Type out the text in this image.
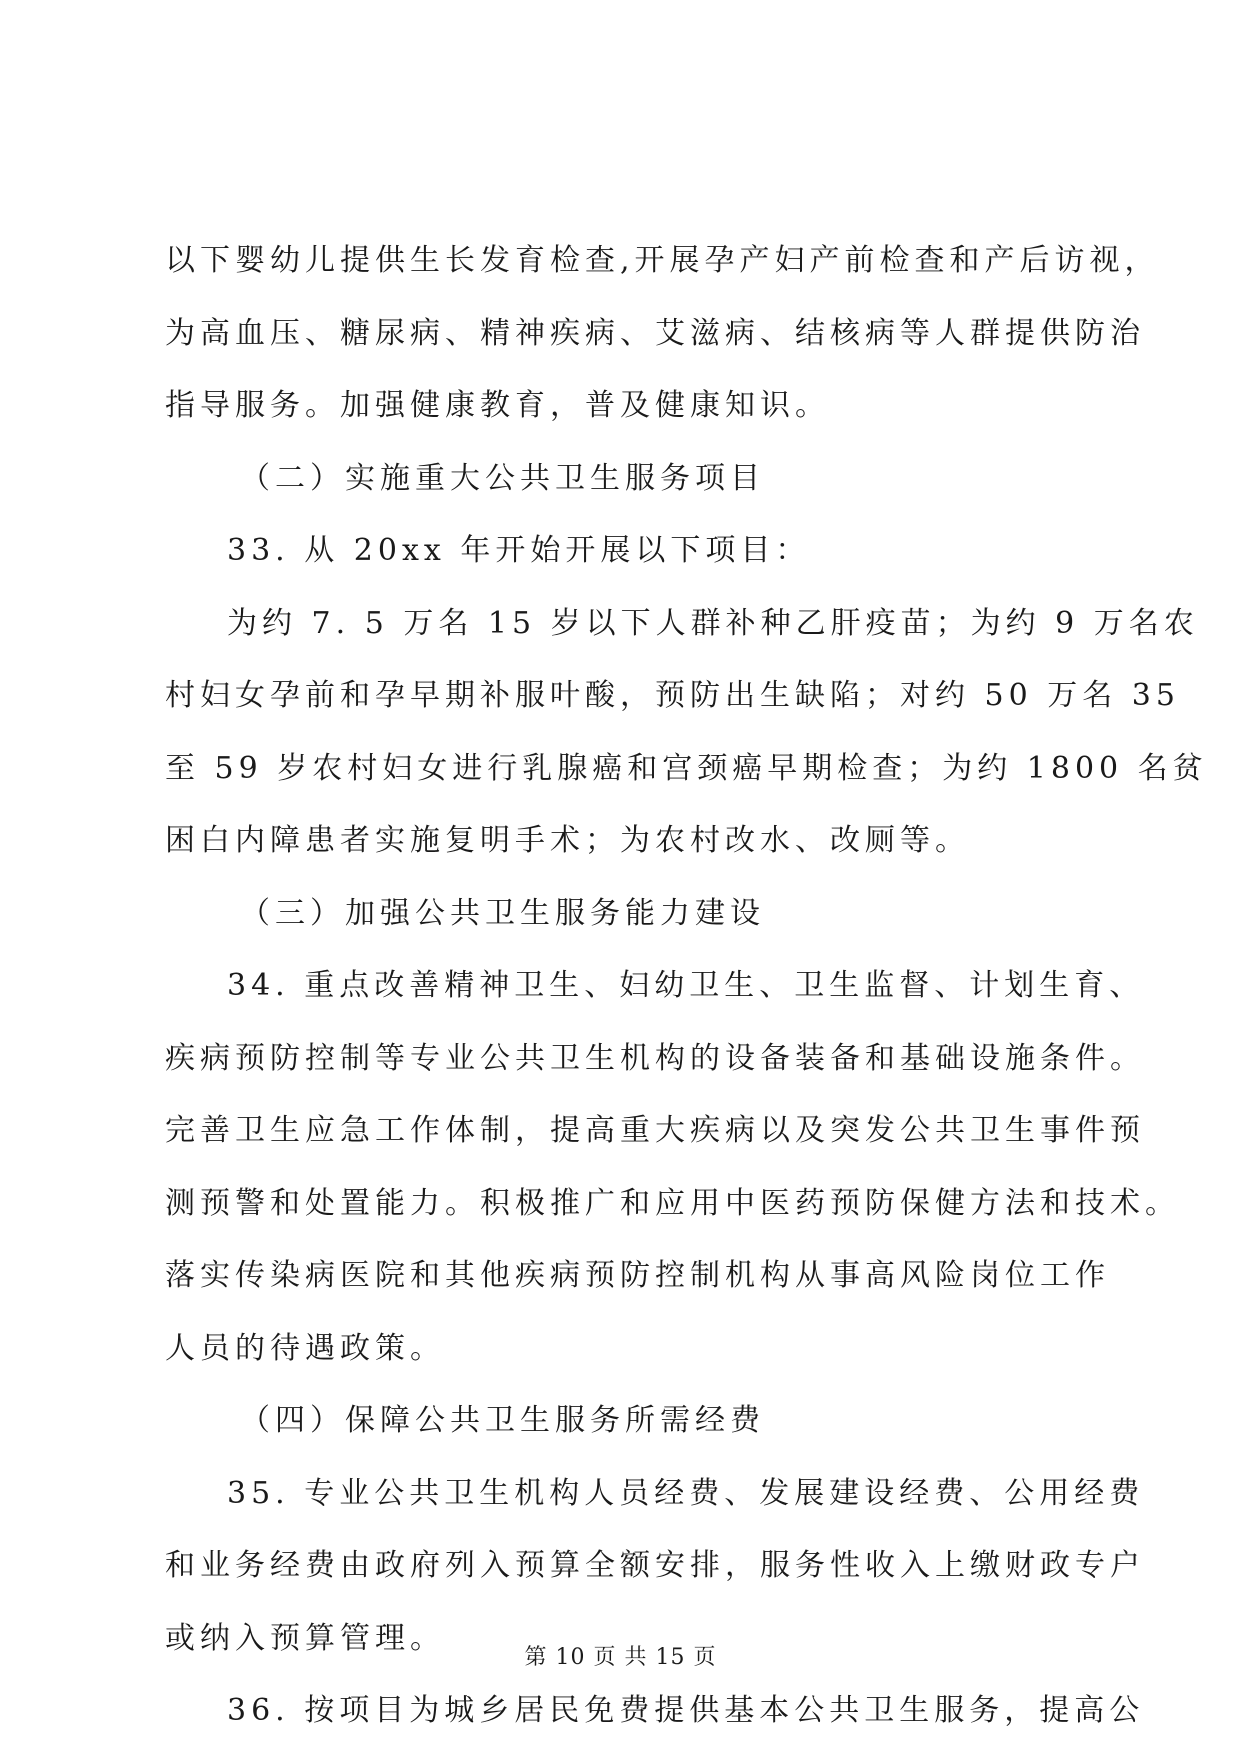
以下婴幼儿提供生长发育检查,开展孕产妇产前检查和产后访视，
为高血压、糖尿病、精神疾病、艾滋病、结核病等人群提供防治
指导服务。加强健康教育，普及健康知识。
（二）实施重大公共卫生服务项目
33. 从 20xx 年开始开展以下项目：
为约 7. 5 万名 15 岁以下人群补种乙肝疫苗；为约 9 万名农
村妇女孕前和孕早期补服叶酸，预防出生缺陷；对约 50 万名 35
至 59 岁农村妇女进行乳腺癌和宫颈癌早期检查；为约 1800 名贫
困白内障患者实施复明手术；为农村改水、改厕等。
（三）加强公共卫生服务能力建设
34. 重点改善精神卫生、妇幼卫生、卫生监督、计划生育、
疾病预防控制等专业公共卫生机构的设备装备和基础设施条件。
完善卫生应急工作体制，提高重大疾病以及突发公共卫生事件预
测预警和处置能力。积极推广和应用中医药预防保健方法和技术。
落实传染病医院和其他疾病预防控制机构从事高风险岗位工作
人员的待遇政策。
（四）保障公共卫生服务所需经费
35. 专业公共卫生机构人员经费、发展建设经费、公用经费
和业务经费由政府列入预算全额安排，服务性收入上缴财政专户
或纳入预算管理。
36. 按项目为城乡居民免费提供基本公共卫生服务，提高公
第 10 页 共 15 页
